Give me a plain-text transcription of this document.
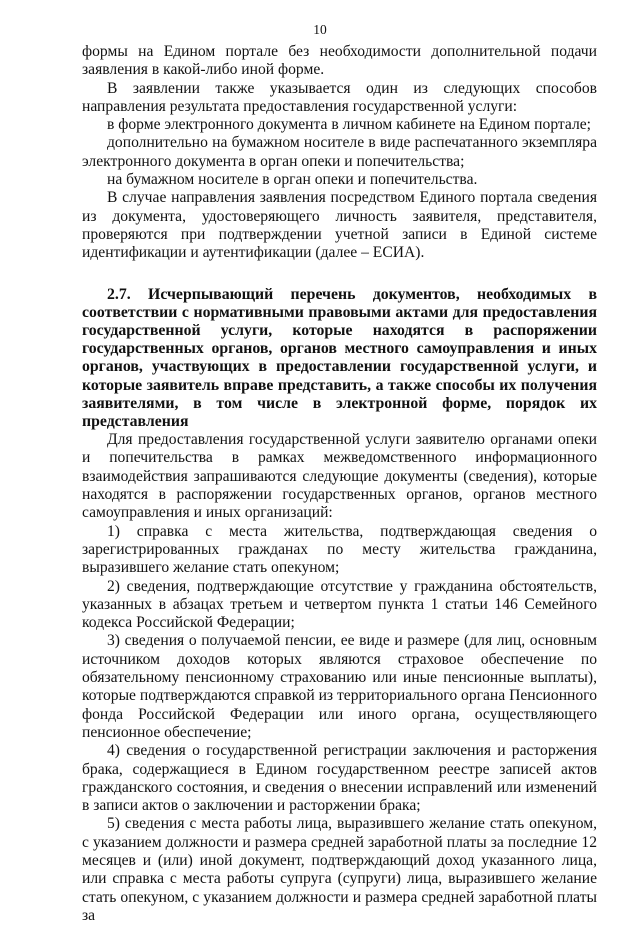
10

формы на Едином портале без необходимости дополнительной подачи заявления в какой-либо иной форме.

В заявлении также указывается один из следующих способов направления результата предоставления государственной услуги:

в форме электронного документа в личном кабинете на Едином портале;

дополнительно на бумажном носителе в виде распечатанного экземпляра электронного документа в орган опеки и попечительства;

на бумажном носителе в орган опеки и попечительства.

В случае направления заявления посредством Единого портала сведения из документа, удостоверяющего личность заявителя, представителя, проверяются при подтверждении учетной записи в Единой системе идентификации и аутентификации (далее – ЕСИА).

2.7. Исчерпывающий перечень документов, необходимых в соответствии с нормативными правовыми актами для предоставления государственной услуги, которые находятся в распоряжении государственных органов, органов местного самоуправления и иных органов, участвующих в предоставлении государственной услуги, и которые заявитель вправе представить, а также способы их получения заявителями, в том числе в электронной форме, порядок их представления

Для предоставления государственной услуги заявителю органами опеки и попечительства в рамках межведомственного информационного взаимодействия запрашиваются следующие документы (сведения), которые находятся в распоряжении государственных органов, органов местного самоуправления и иных организаций:

1) справка с места жительства, подтверждающая сведения о зарегистрированных гражданах по месту жительства гражданина, выразившего желание стать опекуном;

2) сведения, подтверждающие отсутствие у гражданина обстоятельств, указанных в абзацах третьем и четвертом пункта 1 статьи 146 Семейного кодекса Российской Федерации;

3) сведения о получаемой пенсии, ее виде и размере (для лиц, основным источником доходов которых являются страховое обеспечение по обязательному пенсионному страхованию или иные пенсионные выплаты), которые подтверждаются справкой из территориального органа Пенсионного фонда Российской Федерации или иного органа, осуществляющего пенсионное обеспечение;

4) сведения о государственной регистрации заключения и расторжения брака, содержащиеся в Едином государственном реестре записей актов гражданского состояния, и сведения о внесении исправлений или изменений в записи актов о заключении и расторжении брака;

5) сведения с места работы лица, выразившего желание стать опекуном, с указанием должности и размера средней заработной платы за последние 12 месяцев и (или) иной документ, подтверждающий доход указанного лица, или справка с места работы супруга (супруги) лица, выразившего желание стать опекуном, с указанием должности и размера средней заработной платы за
